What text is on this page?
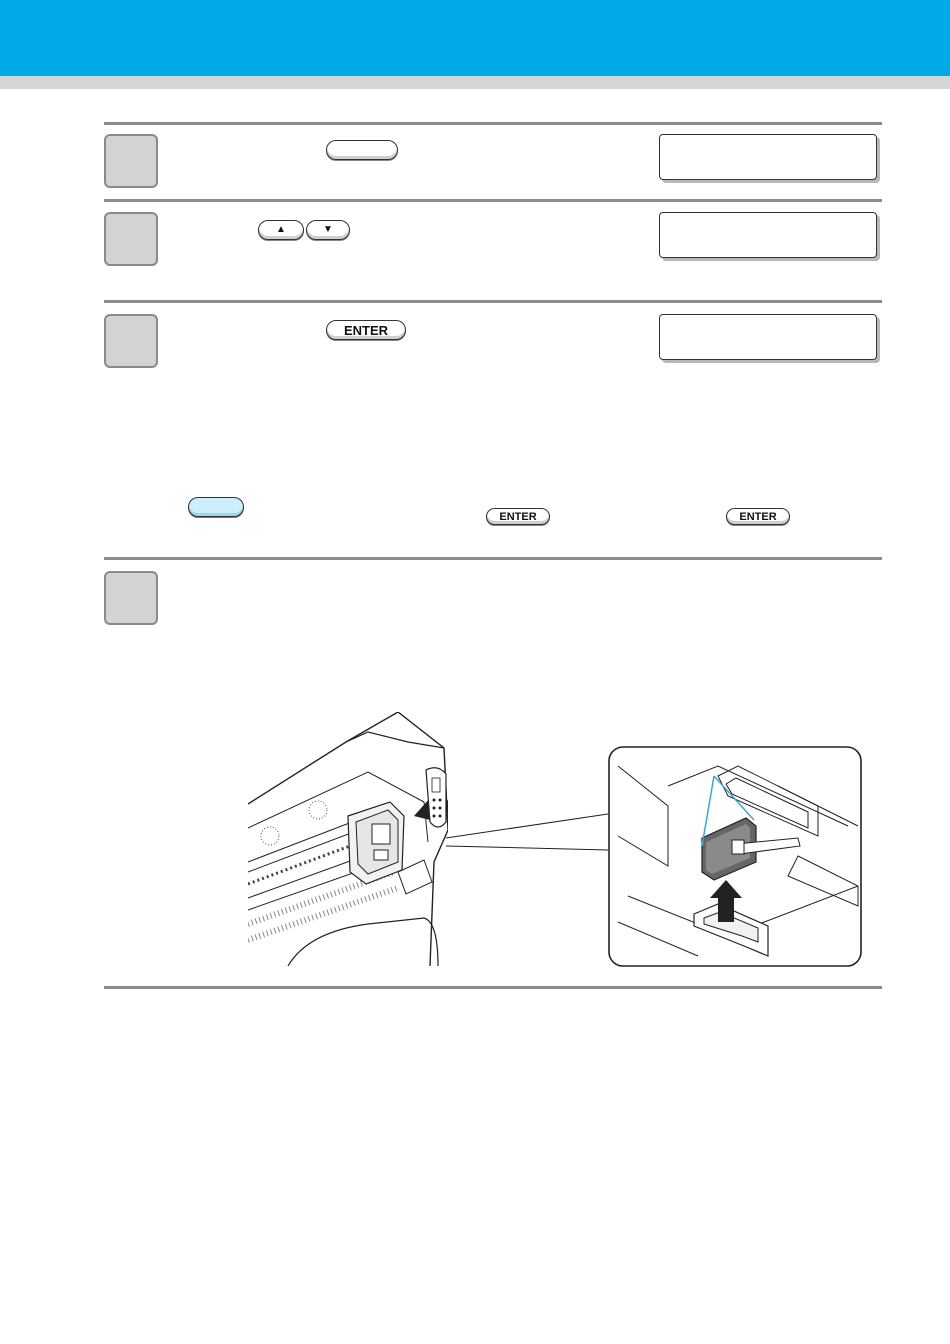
▲	▼
ENTER
ENTER	ENTER
